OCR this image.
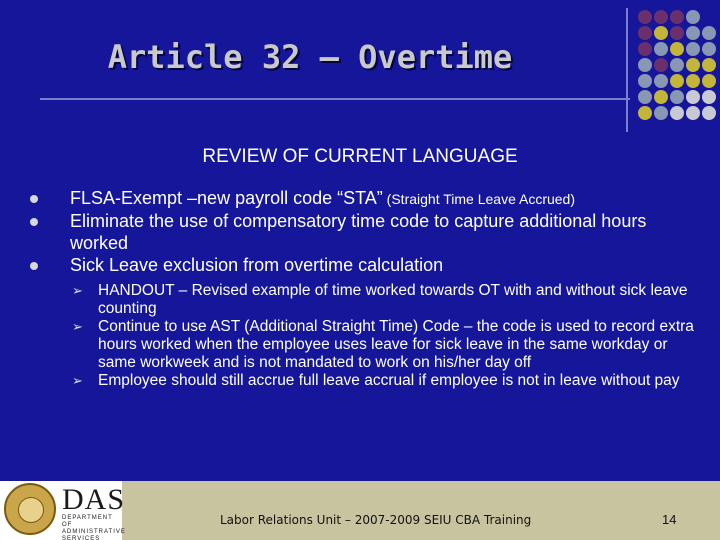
Article 32 – Overtime
REVIEW OF CURRENT LANGUAGE
FLSA-Exempt –new payroll code “STA” (Straight Time Leave Accrued)
Eliminate the use of compensatory time code to capture additional hours worked
Sick Leave exclusion from overtime calculation
➢ HANDOUT – Revised example of time worked towards OT with and without sick leave counting
➢ Continue to use AST (Additional Straight Time) Code – the code is used to record extra hours worked when the employee uses leave for sick leave in the same workday or same workweek and is not mandated to work on his/her day off
➢ Employee should still accrue full leave accrual if employee is not in leave without pay
DAS
DEPARTMENT OF ADMINISTRATIVE SERVICES
Labor Relations Unit – 2007-2009 SEIU CBA Training	14
